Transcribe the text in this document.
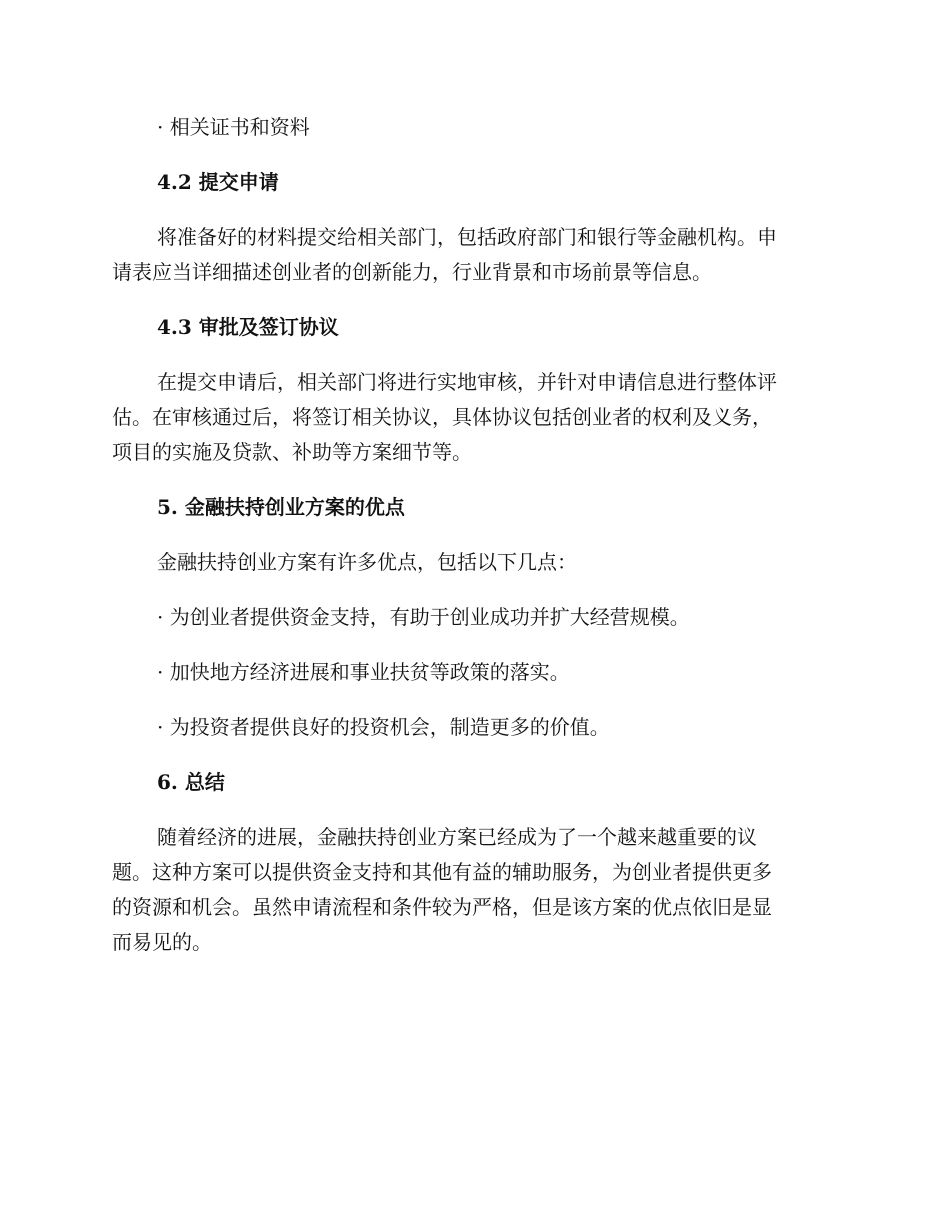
· 相关证书和资料
4.2 提交申请
将准备好的材料提交给相关部门，包括政府部门和银行等金融机构。申
请表应当详细描述创业者的创新能力，行业背景和市场前景等信息。
4.3 审批及签订协议
在提交申请后，相关部门将进行实地审核，并针对申请信息进行整体评
估。在审核通过后，将签订相关协议，具体协议包括创业者的权利及义务，
项目的实施及贷款、补助等方案细节等。
5. 金融扶持创业方案的优点
金融扶持创业方案有许多优点，包括以下几点：
· 为创业者提供资金支持，有助于创业成功并扩大经营规模。
· 加快地方经济进展和事业扶贫等政策的落实。
· 为投资者提供良好的投资机会，制造更多的价值。
6. 总结
随着经济的进展，金融扶持创业方案已经成为了一个越来越重要的议
题。这种方案可以提供资金支持和其他有益的辅助服务，为创业者提供更多
的资源和机会。虽然申请流程和条件较为严格，但是该方案的优点依旧是显
而易见的。
